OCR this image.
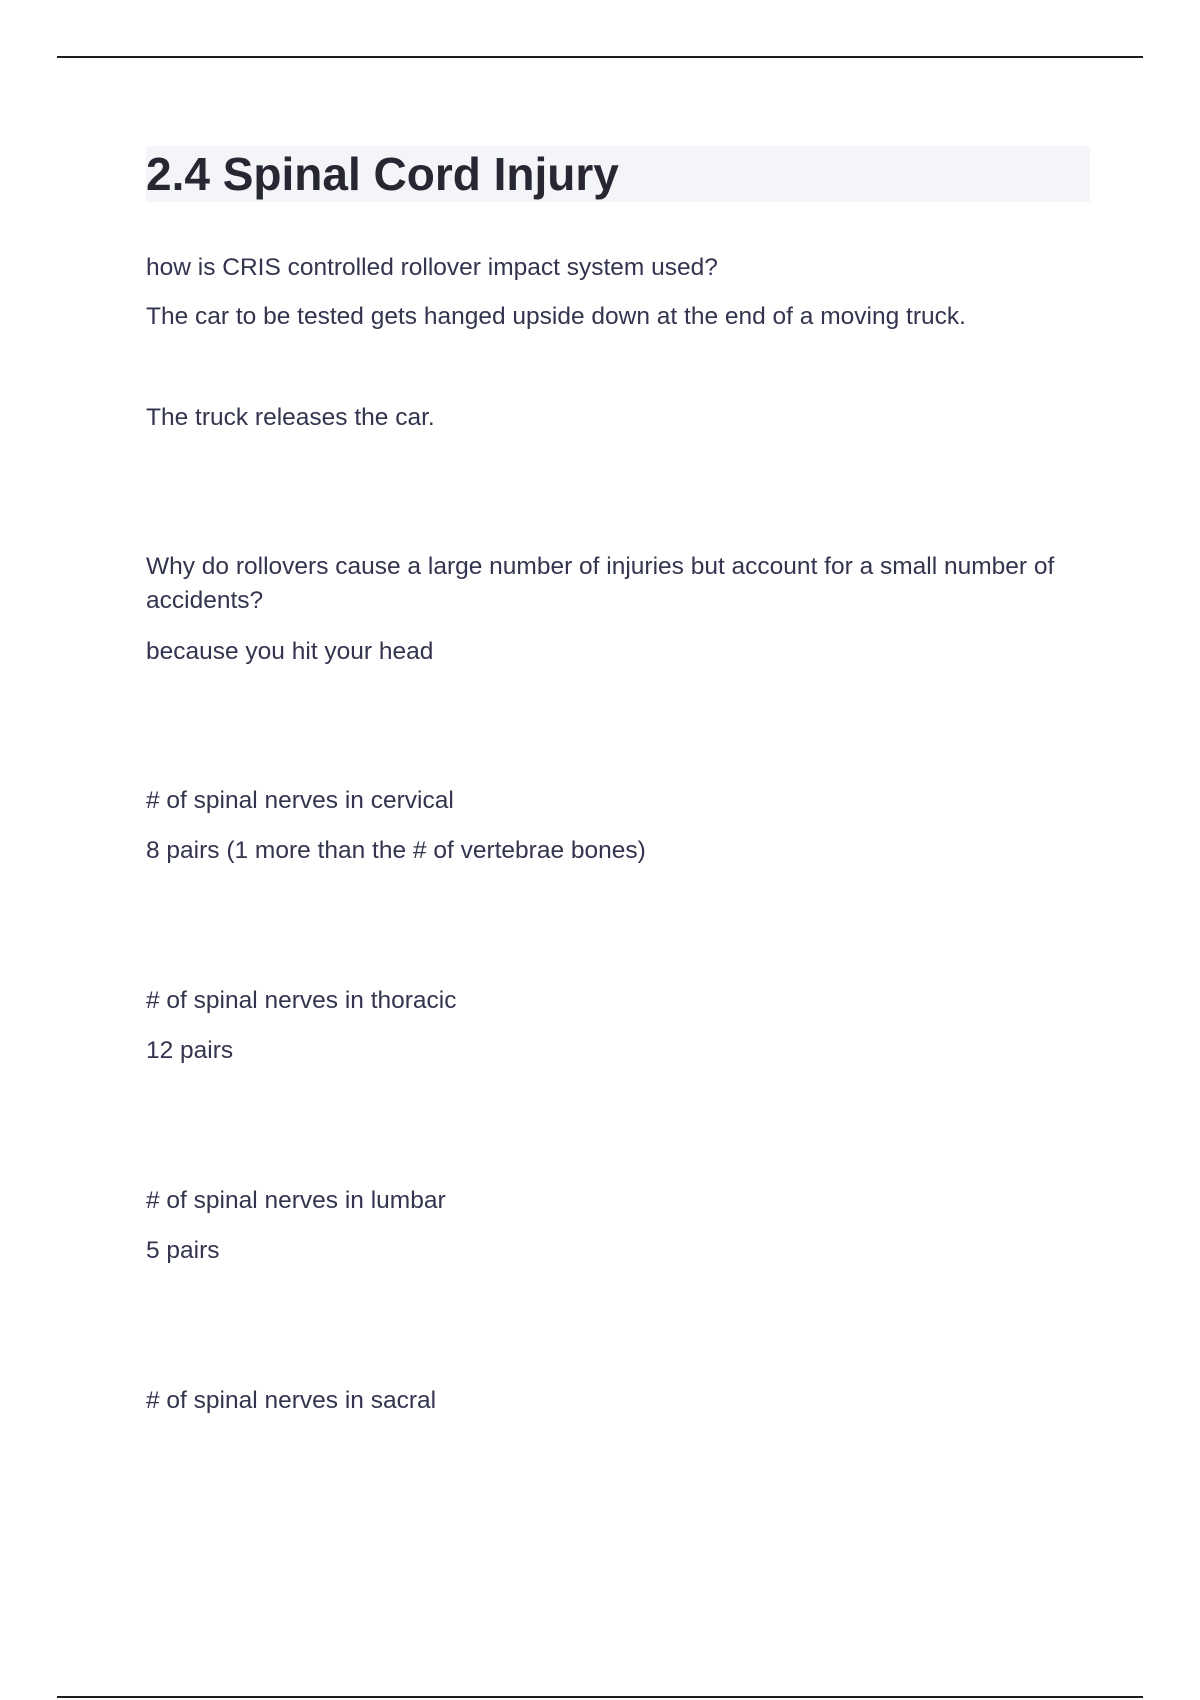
2.4 Spinal Cord Injury

how is CRIS controlled rollover impact system used?

The car to be tested gets hanged upside down at the end of a moving truck.

The truck releases the car.

Why do rollovers cause a large number of injuries but account for a small number of accidents?

because you hit your head

# of spinal nerves in cervical

8 pairs (1 more than the # of vertebrae bones)

# of spinal nerves in thoracic

12 pairs

# of spinal nerves in lumbar

5 pairs

# of spinal nerves in sacral
